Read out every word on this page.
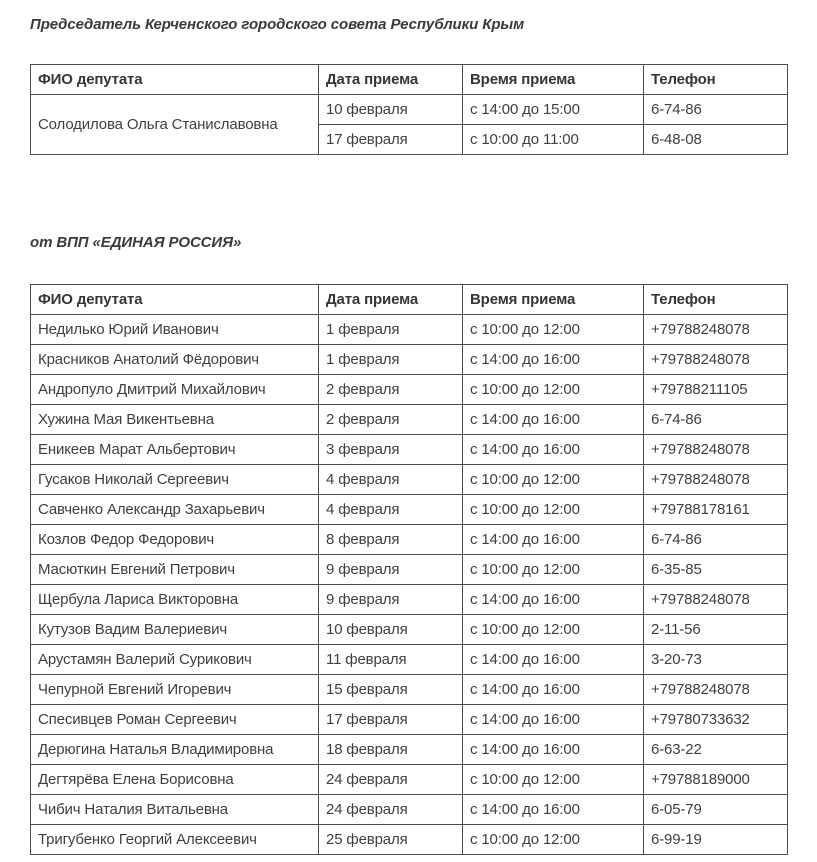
Председатель Керченского городского совета Республики Крым
ФИО депутата	Дата приема	Время приема	Телефон
Солодилова Ольга Станиславовна	10 февраля	с 14:00 до 15:00	6-74-86
	17 февраля	с 10:00 до 11:00	6-48-08
от ВПП «ЕДИНАЯ РОССИЯ»
ФИО депутата	Дата приема	Время приема	Телефон
Недилько Юрий Иванович	1 февраля	с 10:00 до 12:00	+79788248078
Красников Анатолий Фёдорович	1 февраля	с 14:00 до 16:00	+79788248078
Андропуло Дмитрий Михайлович	2 февраля	с 10:00 до 12:00	+79788211105
Хужина Мая Викентьевна	2 февраля	с 14:00 до 16:00	6-74-86
Еникеев Марат Альбертович	3 февраля	с 14:00 до 16:00	+79788248078
Гусаков Николай Сергеевич	4 февраля	с 10:00 до 12:00	+79788248078
Савченко Александр Захарьевич	4 февраля	с 10:00 до 12:00	+79788178161
Козлов Федор Федорович	8 февраля	с 14:00 до 16:00	6-74-86
Масюткин Евгений Петрович	9 февраля	с 10:00 до 12:00	6-35-85
Щербула Лариса Викторовна	9 февраля	с 14:00 до 16:00	+79788248078
Кутузов Вадим Валериевич	10 февраля	с 10:00 до 12:00	2-11-56
Арустамян Валерий Сурикович	11 февраля	с 14:00 до 16:00	3-20-73
Чепурной Евгений Игоревич	15 февраля	с 14:00 до 16:00	+79788248078
Спесивцев Роман Сергеевич	17 февраля	с 14:00 до 16:00	+79780733632
Дерюгина Наталья Владимировна	18 февраля	с 14:00 до 16:00	6-63-22
Дегтярёва Елена Борисовна	24 февраля	с 10:00 до 12:00	+79788189000
Чибич Наталия Витальевна	24 февраля	с 14:00 до 16:00	6-05-79
Тригубенко Георгий Алексеевич	25 февраля	с 10:00 до 12:00	6-99-19
